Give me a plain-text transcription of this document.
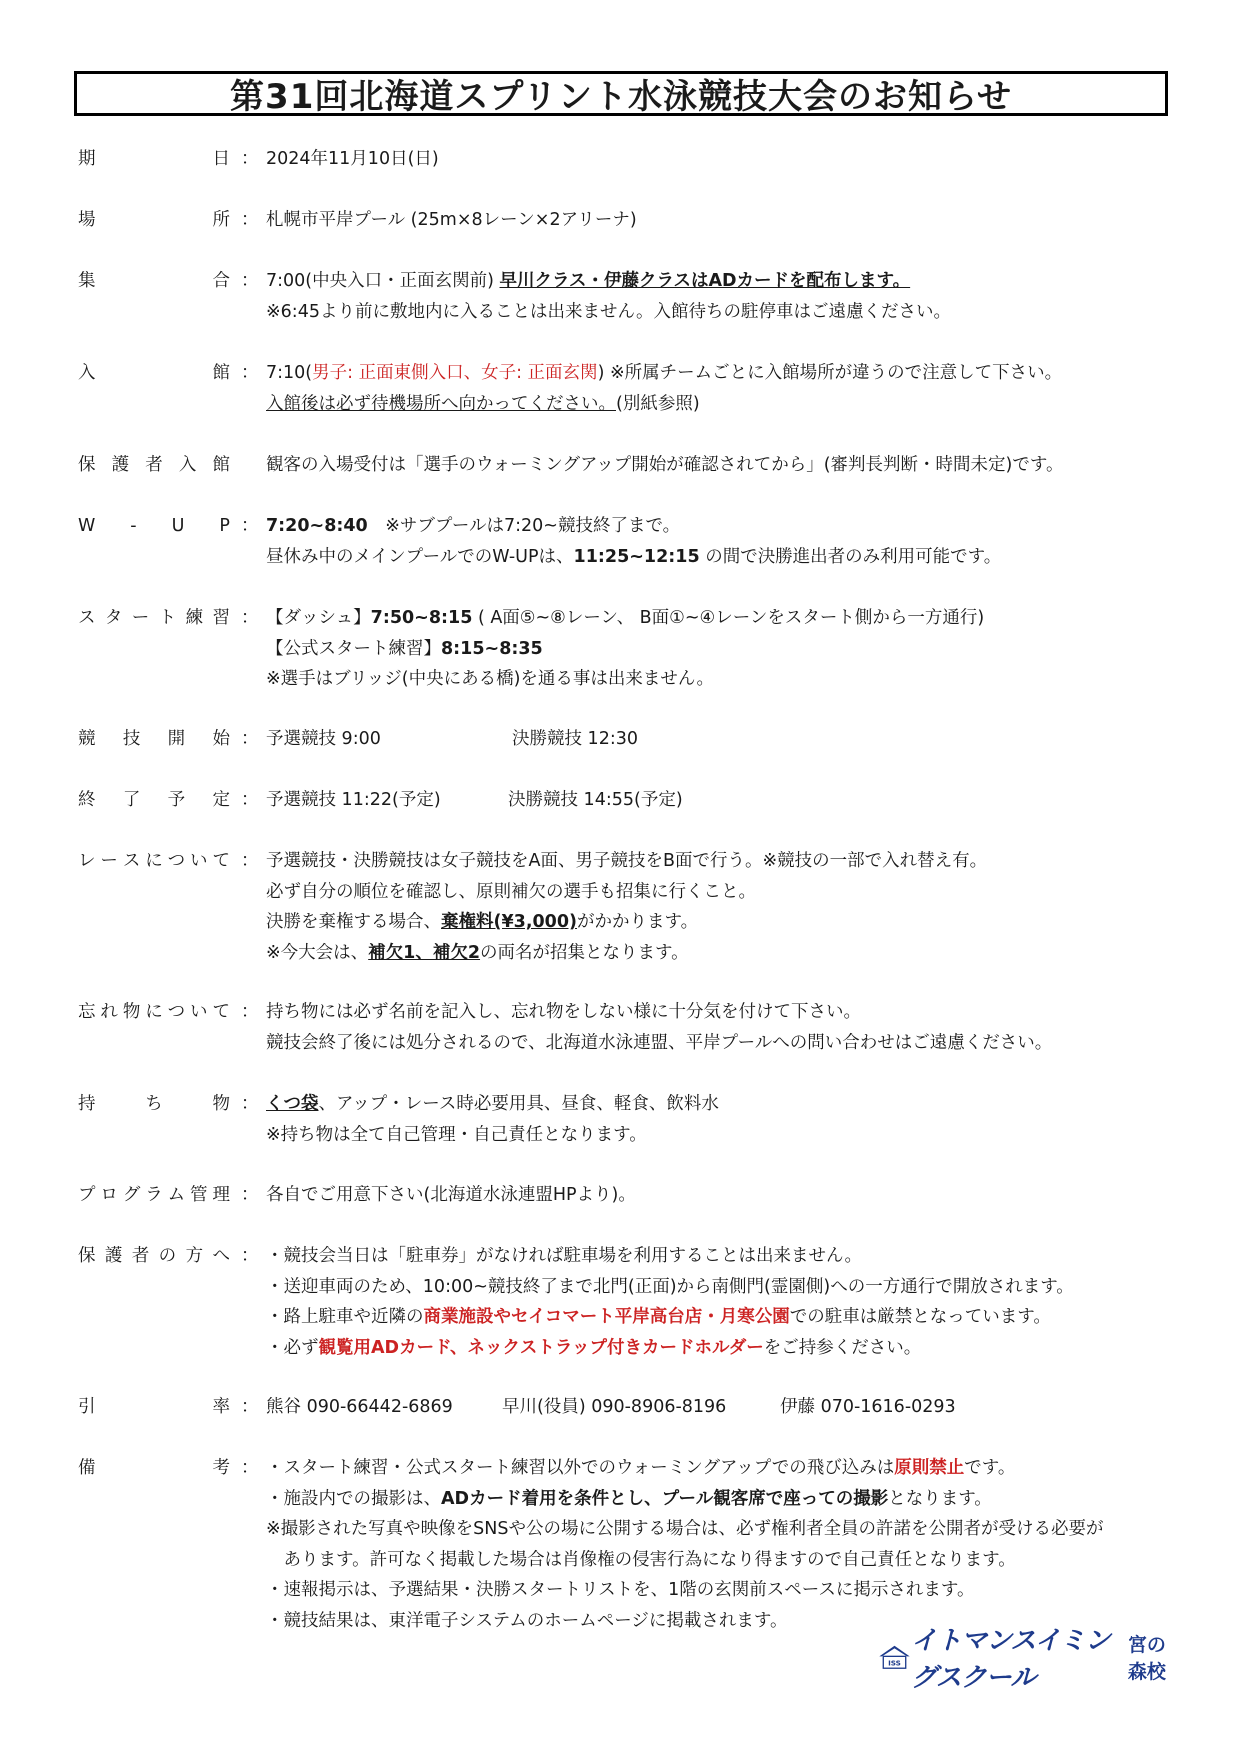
第31回北海道スプリント水泳競技大会のお知らせ
期	日 ： 2024年11月10日(日)
場	所 ： 札幌市平岸プール (25m×8レーン×2アリーナ)
集	合 ： 7:00(中央入口・正面玄関前) 早川クラス・伊藤クラスはADカードを配布します。
※6:45より前に敷地内に入ることは出来ません。入館待ちの駐停車はご遠慮ください。
入	館 ： 7:10(男子: 正面東側入口、女子: 正面玄関) ※所属チームごとに入館場所が違うので注意して下さい。
入館後は必ず待機場所へ向かってください。(別紙参照)
保 護 者 入 館 観客の入場受付は「選手のウォーミングアップ開始が確認されてから」(審判長判断・時間未定)です。
W - U P ： 7:20~8:40　※サブプールは7:20~競技終了まで。
昼休み中のメインプールでのW-UPは、11:25~12:15 の間で決勝進出者のみ利用可能です。
ス タ ー ト 練 習 ： 【ダッシュ】7:50~8:15 ( A面⑤~⑧レーン、 B面①~④レーンをスタート側から一方通行)
【公式スタート練習】8:15~8:35
※選手はブリッジ(中央にある橋)を通る事は出来ません。
競 技 開 始 ： 予選競技 9:00	決勝競技 12:30
終 了 予 定 ： 予選競技 11:22(予定)	決勝競技 14:55(予定)
レ ー ス に つ い て ： 予選競技・決勝競技は女子競技をA面、男子競技をB面で行う。※競技の一部で入れ替え有。
必ず自分の順位を確認し、原則補欠の選手も招集に行くこと。
決勝を棄権する場合、棄権料(¥3,000)がかかります。
※今大会は、補欠1、補欠2の両名が招集となります。
忘 れ 物 に つ い て ： 持ち物には必ず名前を記入し、忘れ物をしない様に十分気を付けて下さい。
競技会終了後には処分されるので、北海道水泳連盟、平岸プールへの問い合わせはご遠慮ください。
持	ち	物 ： くつ袋、アップ・レース時必要用具、昼食、軽食、飲料水
※持ち物は全て自己管理・自己責任となります。
プ ロ グ ラ ム 管 理 ： 各自でご用意下さい(北海道水泳連盟HPより)。
保 護 者 の 方 へ ： ・競技会当日は「駐車券」がなければ駐車場を利用することは出来ません。
・送迎車両のため、10:00~競技終了まで北門(正面)から南側門(霊園側)への一方通行で開放されます。
・路上駐車や近隣の商業施設やセイコマート平岸高台店・月寒公園での駐車は厳禁となっています。
・必ず観覧用ADカード、ネックストラップ付きカードホルダーをご持参ください。
引	率 ： 熊谷 090-66442-6869	早川(役員) 090-8906-8196	伊藤 070-1616-0293
備	考 ： ・スタート練習・公式スタート練習以外でのウォーミングアップでの飛び込みは原則禁止です。
・施設内での撮影は、ADカード着用を条件とし、プール観客席で座っての撮影となります。
※撮影された写真や映像をSNSや公の場に公開する場合は、必ず権利者全員の許諾を公開者が受ける必要が
　あります。許可なく掲載した場合は肖像権の侵害行為になり得ますので自己責任となります。
・速報掲示は、予選結果・決勝スタートリストを、1階の玄関前スペースに掲示されます。
・競技結果は、東洋電子システムのホームページに掲載されます。
ISS
イトマンスイミングスクール
宮の森校
